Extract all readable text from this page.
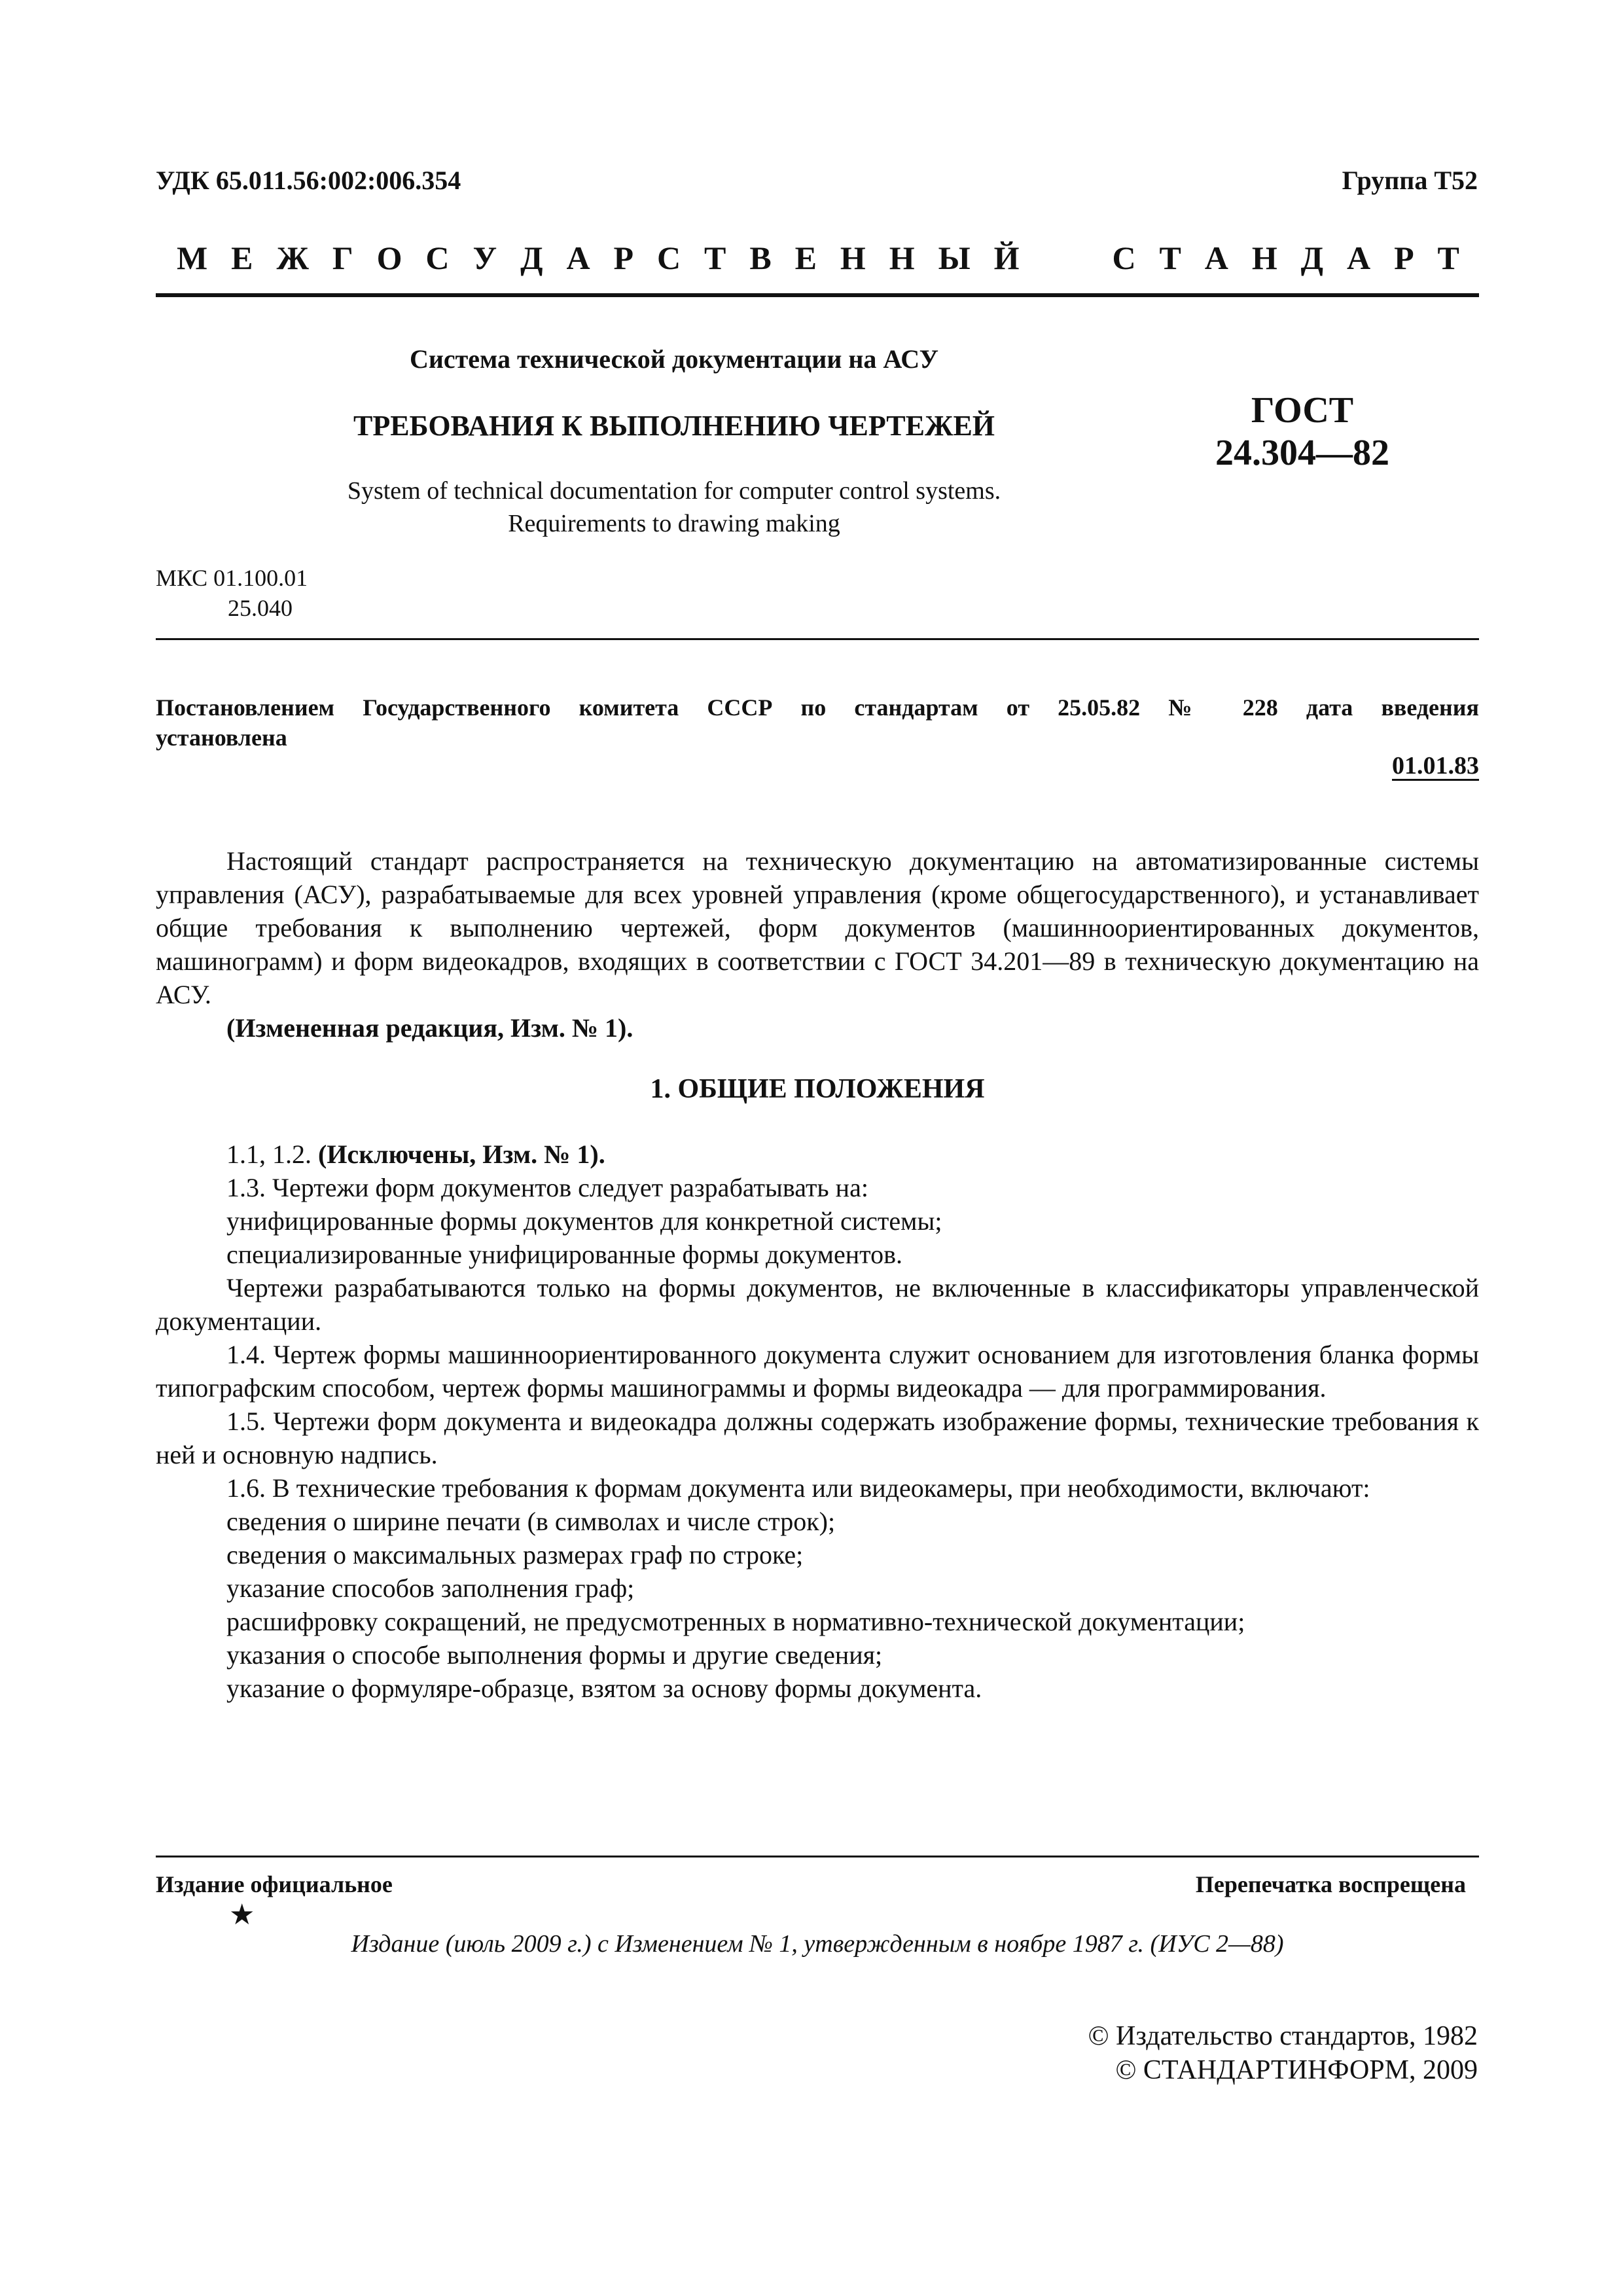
УДК 65.011.56:002:006.354	Группа Т52
М Е Ж Г О С У Д А Р С Т В Е Н Н Ы Й	С Т А Н Д А Р Т
Система технической документации на АСУ
ТРЕБОВАНИЯ К ВЫПОЛНЕНИЮ ЧЕРТЕЖЕЙ
System of technical documentation for computer control systems.
Requirements to drawing making
ГОСТ
24.304—82
МКС 01.100.01
25.040
Постановлением Государственного комитета СССР по стандартам от 25.05.82 № 228 дата введения
установлена
01.01.83

Настоящий стандарт распространяется на техническую документацию на автоматизированные системы управления (АСУ), разрабатываемые для всех уровней управления (кроме общегосударственного), и устанавливает общие требования к выполнению чертежей, форм документов (машинноориентированных документов, машинограмм) и форм видеокадров, входящих в соответствии с ГОСТ 34.201—89 в техническую документацию на АСУ.

(Измененная редакция, Изм. № 1).

1. ОБЩИЕ ПОЛОЖЕНИЯ

1.1, 1.2. (Исключены, Изм. № 1).

1.3. Чертежи форм документов следует разрабатывать на:

унифицированные формы документов для конкретной системы;

специализированные унифицированные формы документов.

Чертежи разрабатываются только на формы документов, не включенные в классификаторы управленческой документации.

1.4. Чертеж формы машинноориентированного документа служит основанием для изготовления бланка формы типографским способом, чертеж формы машинограммы и формы видеокадра — для программирования.

1.5. Чертежи форм документа и видеокадра должны содержать изображение формы, технические требования к ней и основную надпись.

1.6. В технические требования к формам документа или видеокамеры, при необходимости, включают:

сведения о ширине печати (в символах и числе строк);

сведения о максимальных размерах граф по строке;

указание способов заполнения граф;

расшифровку сокращений, не предусмотренных в нормативно-технической документации;

указания о способе выполнения формы и другие сведения;

указание о формуляре-образце, взятом за основу формы документа.

Издание официальное	Перепечатка воспрещена
★
Издание (июль 2009 г.) с Изменением № 1, утвержденным в ноябре 1987 г. (ИУС 2—88)
© Издательство стандартов, 1982
© СТАНДАРТИНФОРМ, 2009
